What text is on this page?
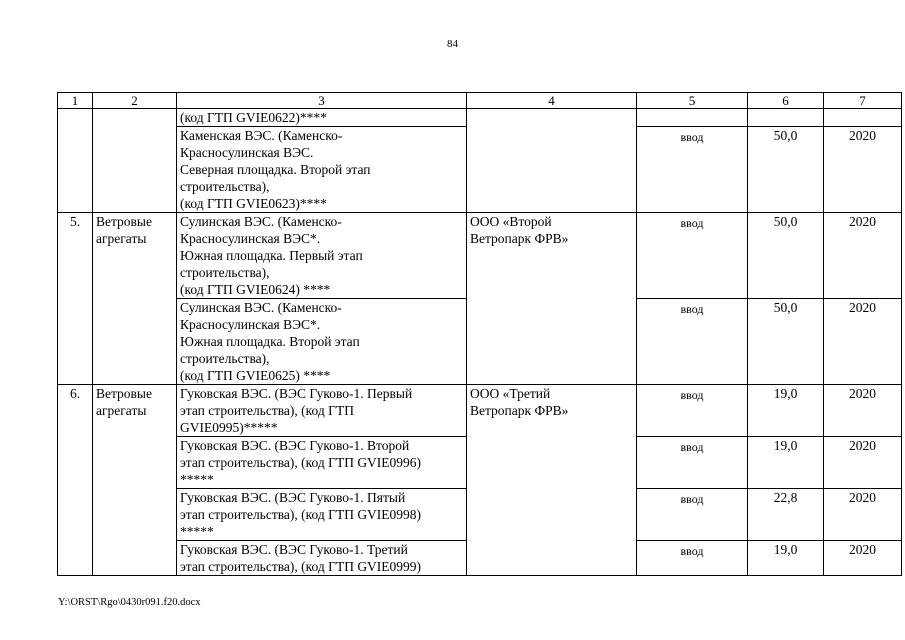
84
1	2	3	4	5	6	7

		(код ГТП GVIE0622)****				

		Каменская ВЭС. (Каменско-
Красносулинская ВЭС.
Северная площадка. Второй этап
строительства),
(код ГТП GVIE0623)****		ввод	50,0	2020
5.	Ветровые
агрегаты	Сулинская ВЭС. (Каменско-
Красносулинская ВЭС*.
Южная площадка. Первый этап
строительства),
(код ГТП GVIE0624) ****	ООО «Второй
Ветропарк ФРВ»	ввод	50,0	2020

		Сулинская ВЭС. (Каменско-
Красносулинская ВЭС*.
Южная площадка. Второй этап
строительства),
(код ГТП GVIE0625) ****		ввод	50,0	2020
6.	Ветровые
агрегаты	Гуковская ВЭС. (ВЭС Гуково-1. Первый
этап строительства), (код ГТП
GVIE0995)*****	ООО «Третий
Ветропарк ФРВ»	ввод	19,0	2020

		Гуковская ВЭС. (ВЭС Гуково-1. Второй
этап строительства), (код ГТП GVIE0996)
*****		ввод	19,0	2020

		Гуковская ВЭС. (ВЭС Гуково-1. Пятый
этап строительства), (код ГТП GVIE0998)
*****		ввод	22,8	2020

		Гуковская ВЭС. (ВЭС Гуково-1. Третий
этап строительства), (код ГТП GVIE0999)		ввод	19,0	2020
Y:\ORST\Rgo\0430r091.f20.docx
